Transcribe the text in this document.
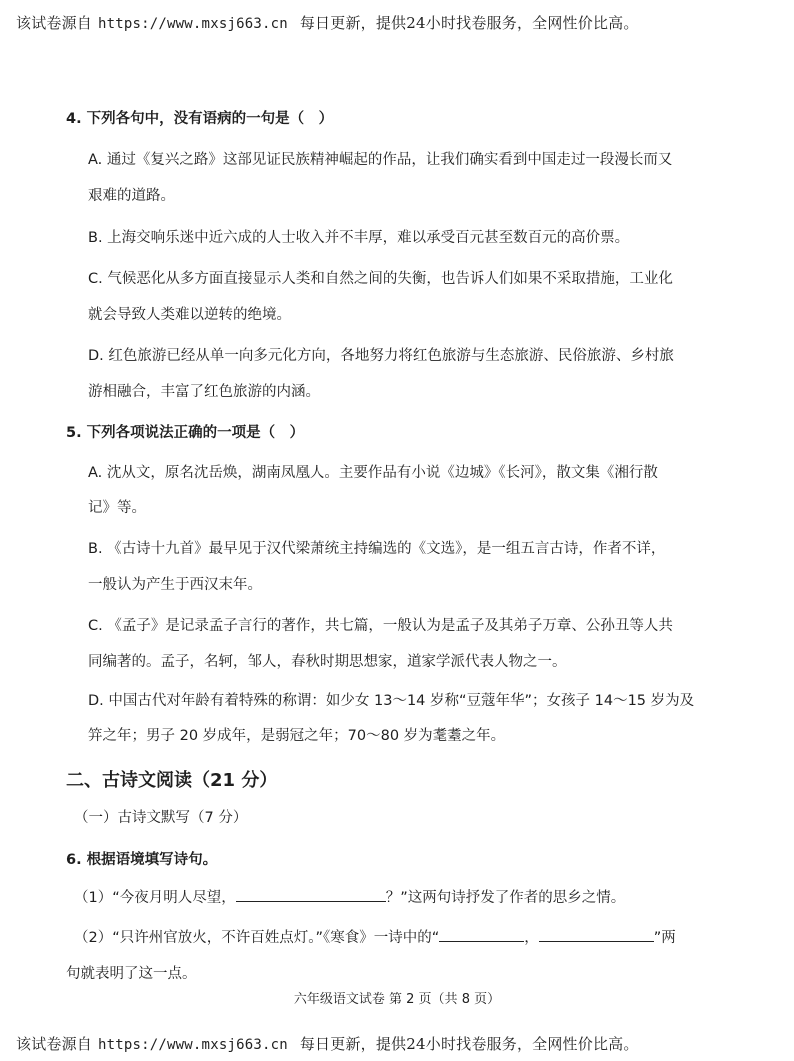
该试卷源自 https://www.mxsj663.cn 每日更新，提供24小时找卷服务，全网性价比高。
4. 下列各句中，没有语病的一句是（　）
A. 通过《复兴之路》这部见证民族精神崛起的作品，让我们确实看到中国走过一段漫长而又
艰难的道路。
B. 上海交响乐迷中近六成的人士收入并不丰厚，难以承受百元甚至数百元的高价票。
C. 气候恶化从多方面直接显示人类和自然之间的失衡，也告诉人们如果不采取措施，工业化
就会导致人类难以逆转的绝境。
D. 红色旅游已经从单一向多元化方向，各地努力将红色旅游与生态旅游、民俗旅游、乡村旅
游相融合，丰富了红色旅游的内涵。
5. 下列各项说法正确的一项是（　）
A. 沈从文，原名沈岳焕，湖南凤凰人。主要作品有小说《边城》《长河》，散文集《湘行散
记》等。
B. 《古诗十九首》最早见于汉代梁萧统主持编选的《文选》，是一组五言古诗，作者不详，
一般认为产生于西汉末年。
C. 《孟子》是记录孟子言行的著作，共七篇，一般认为是孟子及其弟子万章、公孙丑等人共
同编著的。孟子，名轲，邹人，春秋时期思想家，道家学派代表人物之一。
D. 中国古代对年龄有着特殊的称谓：如少女 13～14 岁称“豆蔻年华”；女孩子 14～15 岁为及
笄之年；男子 20 岁成年，是弱冠之年；70～80 岁为耄耋之年。
二、古诗文阅读（21 分）
（一）古诗文默写（7 分）
6. 根据语境填写诗句。
（1）“今夜月明人尽望，	？”这两句诗抒发了作者的思乡之情。
（2）“只许州官放火，不许百姓点灯。”《寒食》一诗中的“	，	”两
句就表明了这一点。
六年级语文试卷 第 2 页（共 8 页）
该试卷源自 https://www.mxsj663.cn 每日更新，提供24小时找卷服务，全网性价比高。
